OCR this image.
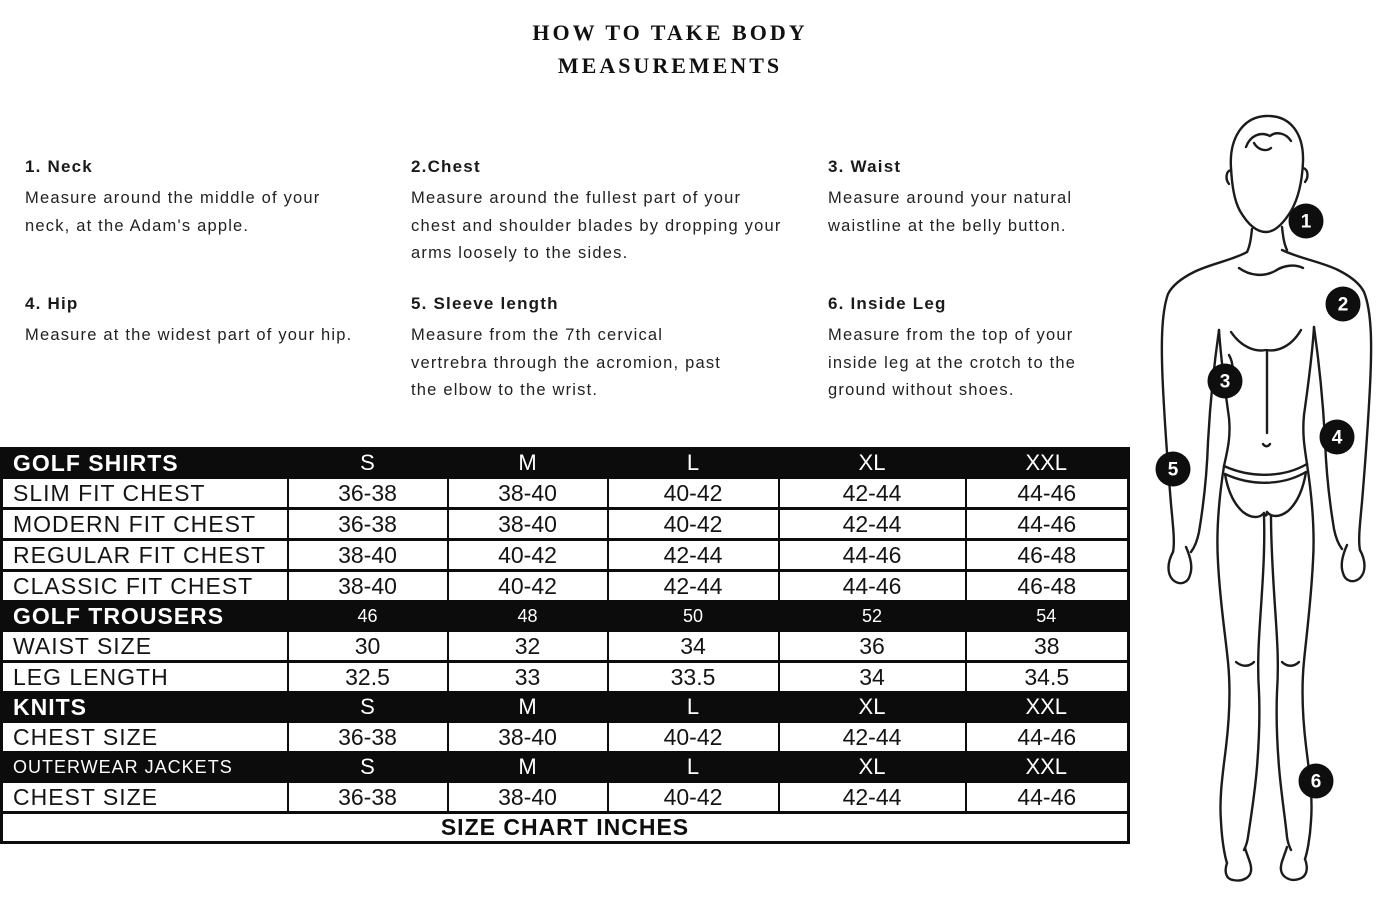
HOW TO TAKE BODY
MEASUREMENTS
1. Neck

Measure around the middle of your neck, at the Adam's apple.

2.Chest

Measure around the fullest part of your chest and shoulder blades by dropping your arms loosely to the sides.

3. Waist

Measure around your natural waistline at the belly button.

4. Hip

Measure at the widest part of your hip.

5. Sleeve length

Measure from the 7th cervical vertrebra through the acromion, past the elbow to the wrist.

6. Inside Leg

Measure from the top of your inside leg at the crotch to the ground without shoes.

GOLF SHIRTS	S	M	L	XL	XXL
SLIM FIT CHEST	36-38	38-40	40-42	42-44	44-46
MODERN FIT CHEST	36-38	38-40	40-42	42-44	44-46
REGULAR FIT CHEST	38-40	40-42	42-44	44-46	46-48
CLASSIC FIT CHEST	38-40	40-42	42-44	44-46	46-48
GOLF TROUSERS	46	48	50	52	54
WAIST SIZE	30	32	34	36	38
LEG LENGTH	32.5	33	33.5	34	34.5
KNITS	S	M	L	XL	XXL
CHEST SIZE	36-38	38-40	40-42	42-44	44-46
OUTERWEAR JACKETS	S	M	L	XL	XXL
CHEST SIZE	36-38	38-40	40-42	42-44	44-46
SIZE CHART INCHES					
1
2
3
4
5
6
